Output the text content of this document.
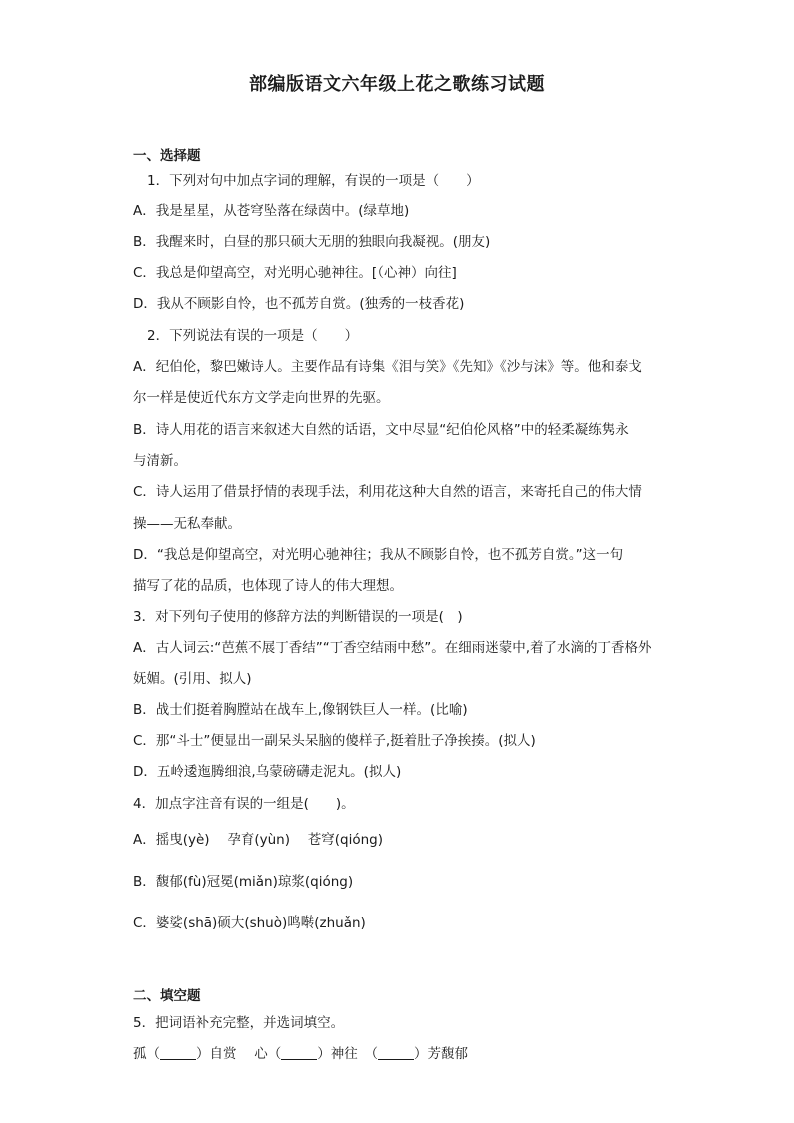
部编版语文六年级上花之歌练习试题
一、选择题
1．下列对句中加点字词的理解，有误的一项是（　　）
A．我是星星，从苍穹坠落在绿茵中。(绿草地)
B．我醒来时，白昼的那只硕大无朋的独眼向我凝视。(朋友)
C．我总是仰望高空，对光明心驰神往。[（心神）向往]
D．我从不顾影自怜，也不孤芳自赏。(独秀的一枝香花)
2．下列说法有误的一项是（　　）
A．纪伯伦，黎巴嫩诗人。主要作品有诗集《泪与笑》《先知》《沙与沫》等。他和泰戈
尔一样是使近代东方文学走向世界的先驱。
B．诗人用花的语言来叙述大自然的话语，文中尽显“纪伯伦风格”中的轻柔凝练隽永
与清新。
C．诗人运用了借景抒情的表现手法，利用花这种大自然的语言，来寄托自己的伟大情
操——无私奉献。
D．“我总是仰望高空，对光明心驰神往；我从不顾影自怜，也不孤芳自赏。”这一句
描写了花的品质，也体现了诗人的伟大理想。
3．对下列句子使用的修辞方法的判断错误的一项是(　)
A．古人词云:“芭蕉不展丁香结”“丁香空结雨中愁”。在细雨迷蒙中,着了水滴的丁香格外
妩媚。(引用、拟人)
B．战士们挺着胸膛站在战车上,像钢铁巨人一样。(比喻)
C．那“斗士”便显出一副呆头呆脑的傻样子,挺着肚子净挨揍。(拟人)
D．五岭逶迤腾细浪,乌蒙磅礴走泥丸。(拟人)
4．加点字注音有误的一组是(　　)。
A．摇曳(yè)　 孕育(yùn)　 苍穹(qióng)
B．馥郁(fù)冠冕(miǎn)琼浆(qióng)
C．婆娑(shā)硕大(shuò)鸣啭(zhuǎn)
二、填空题
5．把词语补充完整，并选词填空。
孤（	）自赏　 心（	）神往　（	）芳馥郁
